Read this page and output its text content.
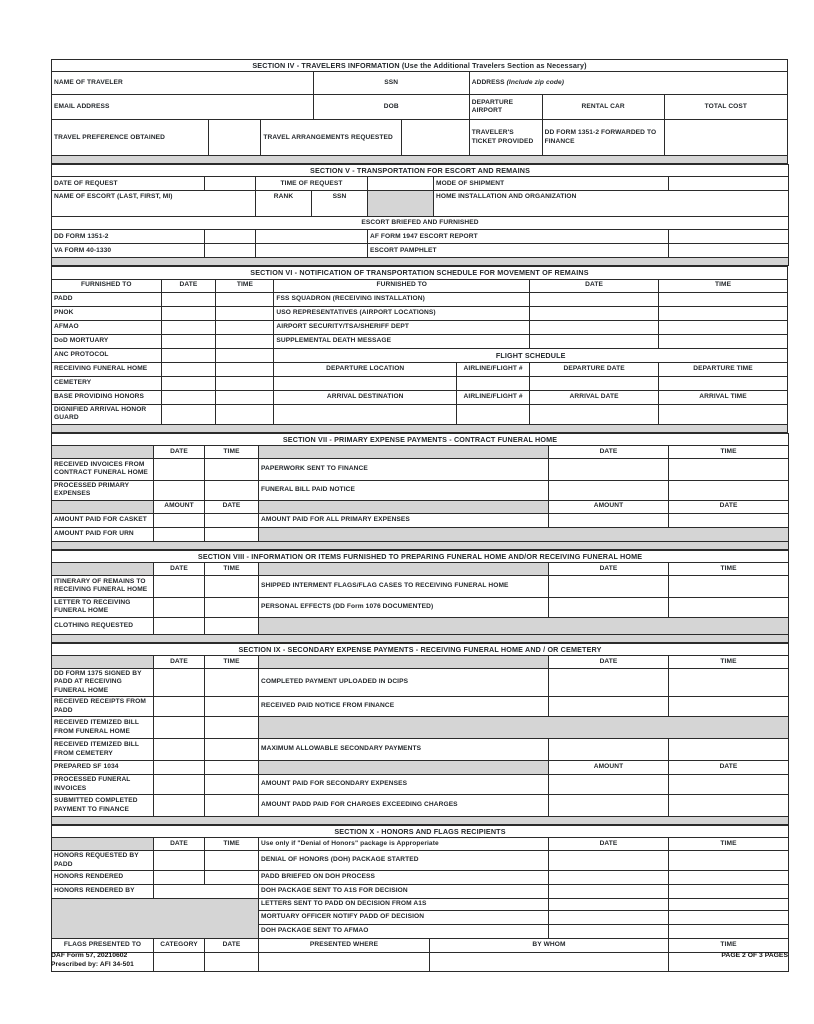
SECTION IV - TRAVELERS INFORMATION (Use the Additional Travelers Section as Necessary)							
NAME OF TRAVELER			SSN		ADDRESS (Include zip code)		
EMAIL ADDRESS			DOB		DEPARTURE AIRPORT	RENTAL CAR	TOTAL COST
TRAVEL PREFERENCE OBTAINED		TRAVEL ARRANGEMENTS REQUESTED			TRAVELER'S TICKET PROVIDED	DD FORM 1351-2 FORWARDED TO FINANCE	

SECTION V - TRANSPORTATION FOR ESCORT AND REMAINS						
DATE OF REQUEST		TIME OF REQUEST			MODE OF SHIPMENT	
NAME OF ESCORT (LAST, FIRST, MI)		RANK	SSN		HOME INSTALLATION AND ORGANIZATION	
ESCORT BRIEFED AND FURNISHED						
DD FORM 1351-2				AF FORM 1947 ESCORT REPORT		
VA FORM 40-1330				ESCORT PAMPHLET		

SECTION VI - NOTIFICATION OF TRANSPORTATION SCHEDULE FOR MOVEMENT OF REMAINS						
FURNISHED TO	DATE	TIME	FURNISHED TO		DATE	TIME
PADD			FSS SQUADRON (RECEIVING INSTALLATION)			
PNOK			USO REPRESENTATIVES (AIRPORT LOCATIONS)			
AFMAO			AIRPORT SECURITY/TSA/SHERIFF DEPT			
DoD MORTUARY			SUPPLEMENTAL DEATH MESSAGE			
ANC PROTOCOL			FLIGHT SCHEDULE			
RECEIVING FUNERAL HOME			DEPARTURE LOCATION	AIRLINE/FLIGHT #	DEPARTURE DATE	DEPARTURE TIME
CEMETERY						
BASE PROVIDING HONORS			ARRIVAL DESTINATION	AIRLINE/FLIGHT #	ARRIVAL DATE	ARRIVAL TIME
DIGNIFIED ARRIVAL HONOR GUARD						

SECTION VII - PRIMARY EXPENSE PAYMENTS - CONTRACT FUNERAL HOME					
	DATE	TIME		DATE	TIME
RECEIVED INVOICES FROM CONTRACT FUNERAL HOME			PAPERWORK SENT TO FINANCE		
PROCESSED PRIMARY EXPENSES			FUNERAL BILL PAID NOTICE		
	AMOUNT	DATE		AMOUNT	DATE
AMOUNT PAID FOR CASKET			AMOUNT PAID FOR ALL PRIMARY EXPENSES		
AMOUNT PAID FOR URN					

SECTION VIII - INFORMATION OR ITEMS FURNISHED TO PREPARING FUNERAL HOME AND/OR RECEIVING FUNERAL HOME					
	DATE	TIME		DATE	TIME
ITINERARY OF REMAINS TO RECEIVING FUNERAL HOME			SHIPPED INTERMENT FLAGS/FLAG CASES TO RECEIVING FUNERAL HOME		
LETTER TO RECEIVING FUNERAL HOME			PERSONAL EFFECTS (DD Form 1076 DOCUMENTED)		
CLOTHING REQUESTED					

SECTION IX - SECONDARY EXPENSE PAYMENTS - RECEIVING FUNERAL HOME AND / OR CEMETERY					
	DATE	TIME		DATE	TIME
DD FORM 1375 SIGNED BY PADD AT RECEIVING FUNERAL HOME			COMPLETED PAYMENT UPLOADED IN DCIPS		
RECEIVED RECEIPTS FROM PADD			RECEIVED PAID NOTICE FROM FINANCE		
RECEIVED ITEMIZED BILL FROM FUNERAL HOME					
RECEIVED ITEMIZED BILL FROM CEMETERY			MAXIMUM ALLOWABLE SECONDARY PAYMENTS		
PREPARED SF 1034				AMOUNT	DATE
PROCESSED FUNERAL INVOICES			AMOUNT PAID FOR SECONDARY EXPENSES		
SUBMITTED COMPLETED PAYMENT TO FINANCE			AMOUNT PADD PAID FOR CHARGES EXCEEDING CHARGES		

SECTION X - HONORS AND FLAGS RECIPIENTS						
	DATE	TIME	Use only if "Denial of Honors" package is Approperiate		DATE	TIME
HONORS REQUESTED BY PADD			DENIAL OF HONORS (DOH) PACKAGE STARTED			
HONORS RENDERED			PADD BRIEFED ON DOH PROCESS			
HONORS RENDERED BY			DOH PACKAGE SENT TO A1S FOR DECISION			
			LETTERS SENT TO PADD ON DECISION FROM A1S			
			MORTUARY OFFICER NOTIFY PADD OF DECISION			
			DOH PACKAGE SENT TO AFMAO			
FLAGS PRESENTED TO	CATEGORY	DATE	PRESENTED WHERE	BY WHOM		TIME

DAF Form 57, 20210602	PAGE 2 OF 3 PAGES
Prescribed by: AFI 34-501
